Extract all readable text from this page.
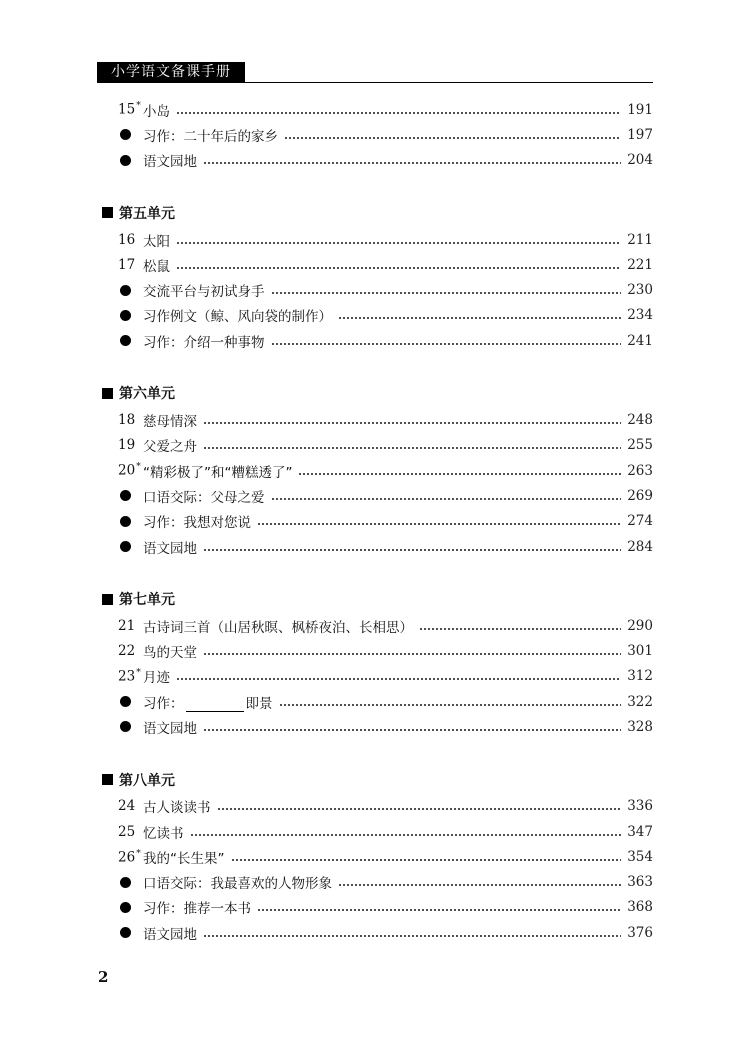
小学语文备课手册
15* 小岛	191
习作：二十年后的家乡	197
语文园地	204
第五单元
16 太阳	211
17 松鼠	221
交流平台与初试身手	230
习作例文（鲸、风向袋的制作）	234
习作：介绍一种事物	241
第六单元
18 慈母情深	248
19 父爱之舟	255
20* “精彩极了”和“糟糕透了”	263
口语交际：父母之爱	269
习作：我想对您说	274
语文园地	284
第七单元
21 古诗词三首（山居秋暝、枫桥夜泊、长相思）	290
22 鸟的天堂	301
23* 月迹	312
习作：	即景	322
语文园地	328
第八单元
24 古人谈读书	336
25 忆读书	347
26* 我的“长生果”	354
口语交际：我最喜欢的人物形象	363
习作：推荐一本书	368
语文园地	376
2
